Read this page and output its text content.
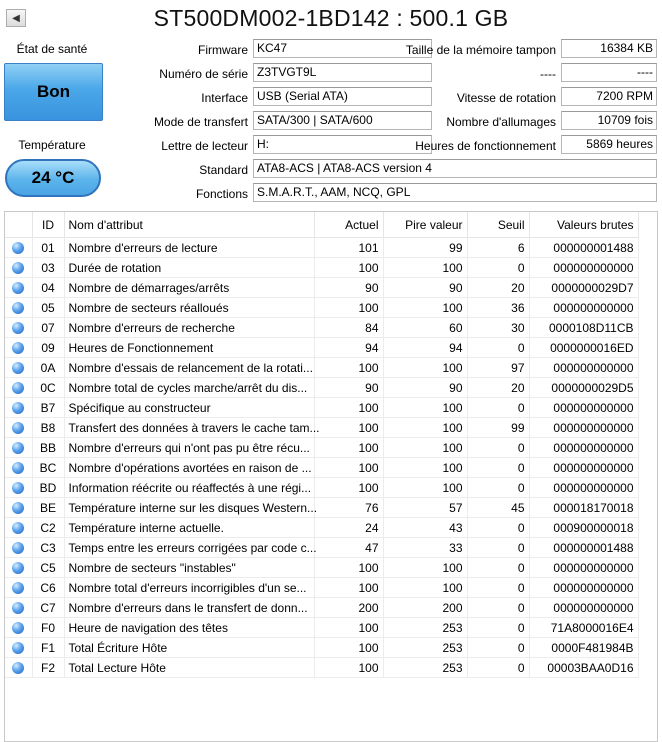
◀	ST500DM002-1BD142 : 500.1 GB
État de santé
Bon
Température
24 °C
Firmware KC47
Numéro de série Z3TVGT9L
Interface USB (Serial ATA)
Mode de transfert SATA/300 | SATA/600
Lettre de lecteur H:
Taille de la mémoire tampon	16384 KB
----	----
Vitesse de rotation	7200 RPM
Nombre d'allumages	10709 fois
Heures de fonctionnement	5869 heures
Standard ATA8-ACS | ATA8-ACS version 4
Fonctions S.M.A.R.T., AAM, NCQ, GPL
	ID	Nom d'attribut	Actuel	Pire valeur	Seuil	Valeurs brutes
	01	Nombre d'erreurs de lecture	101	99	6	000000001488
	03	Durée de rotation	100	100	0	000000000000
	04	Nombre de démarrages/arrêts	90	90	20	0000000029D7
	05	Nombre de secteurs réalloués	100	100	36	000000000000
	07	Nombre d'erreurs de recherche	84	60	30	0000108D11CB
	09	Heures de Fonctionnement	94	94	0	0000000016ED
	0A	Nombre d'essais de relancement de la rotati...	100	100	97	000000000000
	0C	Nombre total de cycles marche/arrêt du dis...	90	90	20	0000000029D5
	B7	Spécifique au constructeur	100	100	0	000000000000
	B8	Transfert des données à travers le cache tam...	100	100	99	000000000000
	BB	Nombre d'erreurs qui n'ont pas pu être récu...	100	100	0	000000000000
	BC	Nombre d'opérations avortées en raison de ...	100	100	0	000000000000
	BD	Information réécrite ou réaffectés à une régi...	100	100	0	000000000000
	BE	Température interne sur les disques Western...	76	57	45	000018170018
	C2	Température interne actuelle.	24	43	0	000900000018
	C3	Temps entre les erreurs corrigées par code c...	47	33	0	000000001488
	C5	Nombre de secteurs "instables"	100	100	0	000000000000
	C6	Nombre total d'erreurs incorrigibles d'un se...	100	100	0	000000000000
	C7	Nombre d'erreurs dans le transfert de donn...	200	200	0	000000000000
	F0	Heure de navigation des têtes	100	253	0	71A8000016E4
	F1	Total Écriture Hôte	100	253	0	0000F481984B
	F2	Total Lecture Hôte	100	253	0	00003BAA0D16
